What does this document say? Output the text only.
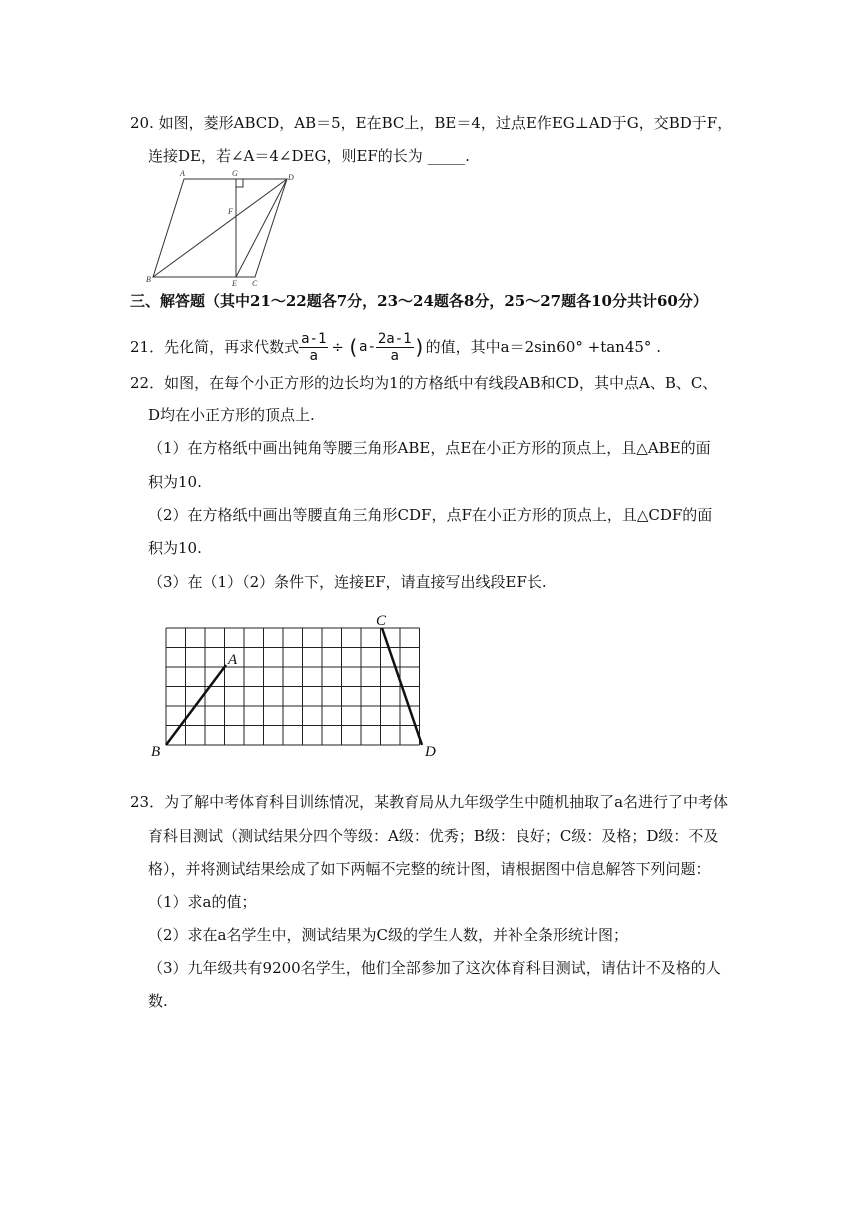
20. 如图，菱形ABCD，AB＝5，E在BC上，BE＝4，过点E作EG⊥AD于G，交BD于F，
连接DE，若∠A＝4∠DEG，则EF的长为 _____.
A	G	D
F
B	E C
三、解答题（其中21～22题各7分，23～24题各8分，25～27题各10分共计60分）
21．先化简，再求代数式 $\frac{a-1}{a} \div (a- \frac{2a-1}{a}$ )的值，其中a＝2sin60° +tan45° .
22．如图，在每个小正方形的边长均为1的方格纸中有线段AB和CD，其中点A、B、C、
D均在小正方形的顶点上.
（1）在方格纸中画出钝角等腰三角形ABE，点E在小正方形的顶点上，且△ABE的面
积为10.
（2）在方格纸中画出等腰直角三角形CDF，点F在小正方形的顶点上，且△CDF的面
积为10.
（3）在（1）（2）条件下，连接EF，请直接写出线段EF长.
A
B
C
D
23．为了解中考体育科目训练情况，某教育局从九年级学生中随机抽取了a名进行了中考体
育科目测试（测试结果分四个等级：A级：优秀；B级：良好；C级：及格；D级：不及
格），并将测试结果绘成了如下两幅不完整的统计图，请根据图中信息解答下列问题：
（1）求a的值；
（2）求在a名学生中，测试结果为C级的学生人数，并补全条形统计图；
（3）九年级共有9200名学生，他们全部参加了这次体育科目测试，请估计不及格的人
数.
